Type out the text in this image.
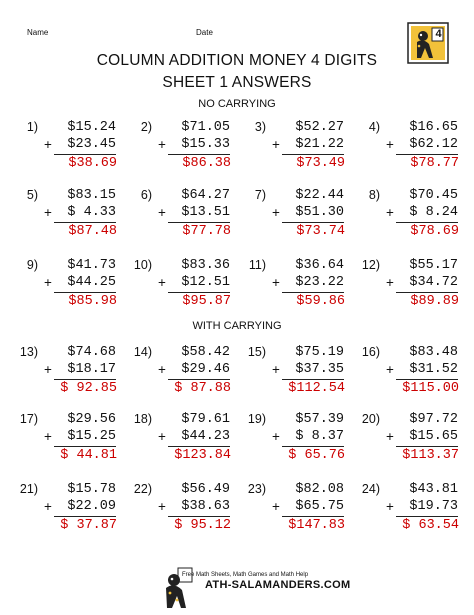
Name	Date	4
COLUMN ADDITION MONEY 4 DIGITS
SHEET 1 ANSWERS
NO CARRYING
WITH CARRYING
1)	$15.24
+	$23.45
$38.69
2)	$71.05
+	$15.33
$86.38
3)	$52.27
+	$21.22
$73.49
4)	$16.65
+	$62.12
$78.77
5)	$83.15
+	$ 4.33
$87.48
6)	$64.27
+	$13.51
$77.78
7)	$22.44
+	$51.30
$73.74
8)	$70.45
+	$ 8.24
$78.69
9)	$41.73
+	$44.25
$85.98
10)	$83.36
+	$12.51
$95.87
11)	$36.64
+	$23.22
$59.86
12)	$55.17
+	$34.72
$89.89
13)	$74.68
+	$18.17
$ 92.85
14)	$58.42
+	$29.46
$ 87.88
15)	$75.19
+	$37.35
$112.54
16)	$83.48
+	$31.52
$115.00
17)	$29.56
+	$15.25
$ 44.81
18)	$79.61
+	$44.23
$123.84
19)	$57.39
+	$ 8.37
$ 65.76
20)	$97.72
+	$15.65
$113.37
21)	$15.78
+	$22.09
$ 37.87
22)	$56.49
+	$38.63
$ 95.12
23)	$82.08
+	$65.75
$147.83
24)	$43.81
+	$19.73
$ 63.54
Free Math Sheets, Math Games and Math Help
ATH-SALAMANDERS.COM
